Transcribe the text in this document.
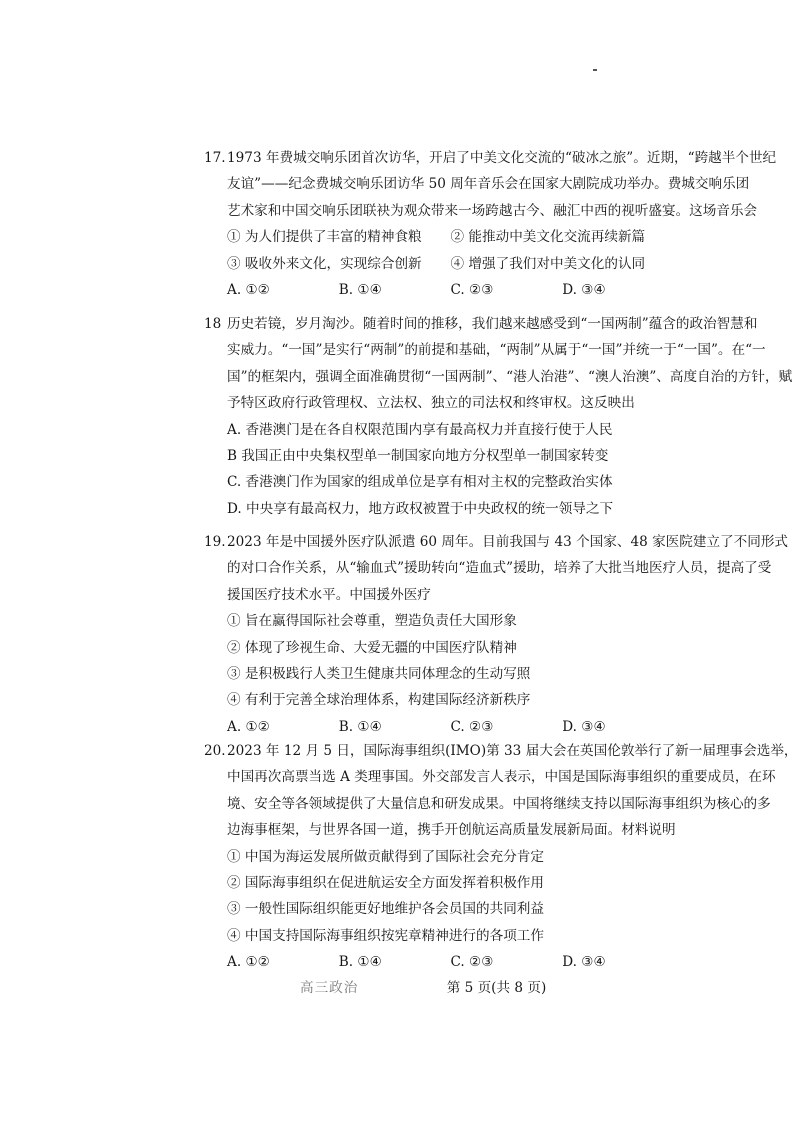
17.1973 年费城交响乐团首次访华，开启了中美文化交流的“破冰之旅”。近期，“跨越半个世纪
友谊”——纪念费城交响乐团访华 50 周年音乐会在国家大剧院成功举办。费城交响乐团
艺术家和中国交响乐团联袂为观众带来一场跨越古今、融汇中西的视听盛宴。这场音乐会
① 为人们提供了丰富的精神食粮	② 能推动中美文化交流再续新篇
③ 吸收外来文化，实现综合创新	④ 增强了我们对中美文化的认同
A. ①②	B. ①④	C. ②③	D. ③④
18 历史若镜，岁月淘沙。随着时间的推移，我们越来越感受到“一国两制”蕴含的政治智慧和
实威力。“一国”是实行“两制”的前提和基础，“两制”从属于“一国”并统一于“一国”。在“一
国”的框架内，强调全面准确贯彻“一国两制”、“港人治港”、“澳人治澳”、高度自治的方针，赋
予特区政府行政管理权、立法权、独立的司法权和终审权。这反映出
A. 香港澳门是在各自权限范围内享有最高权力并直接行使于人民
B 我国正由中央集权型单一制国家向地方分权型单一制国家转变
C. 香港澳门作为国家的组成单位是享有相对主权的完整政治实体
D. 中央享有最高权力，地方政权被置于中央政权的统一领导之下
19.2023 年是中国援外医疗队派遣 60 周年。目前我国与 43 个国家、48 家医院建立了不同形式
的对口合作关系，从“输血式”援助转向“造血式”援助，培养了大批当地医疗人员，提高了受
援国医疗技术水平。中国援外医疗
① 旨在赢得国际社会尊重，塑造负责任大国形象
② 体现了珍视生命、大爱无疆的中国医疗队精神
③ 是积极践行人类卫生健康共同体理念的生动写照
④ 有利于完善全球治理体系，构建国际经济新秩序
A. ①②	B. ①④	C. ②③	D. ③④
20.2023 年 12 月 5 日，国际海事组织(IMO)第 33 届大会在英国伦敦举行了新一届理事会选举，
中国再次高票当选 A 类理事国。外交部发言人表示，中国是国际海事组织的重要成员，在环
境、安全等各领域提供了大量信息和研发成果。中国将继续支持以国际海事组织为核心的多
边海事框架，与世界各国一道，携手开创航运高质量发展新局面。材料说明
① 中国为海运发展所做贡献得到了国际社会充分肯定
② 国际海事组织在促进航运安全方面发挥着积极作用
③ 一般性国际组织能更好地维护各会员国的共同利益
④ 中国支持国际海事组织按宪章精神进行的各项工作
A. ①②	B. ①④	C. ②③	D. ③④
高三政治	第 5 页(共 8 页)
